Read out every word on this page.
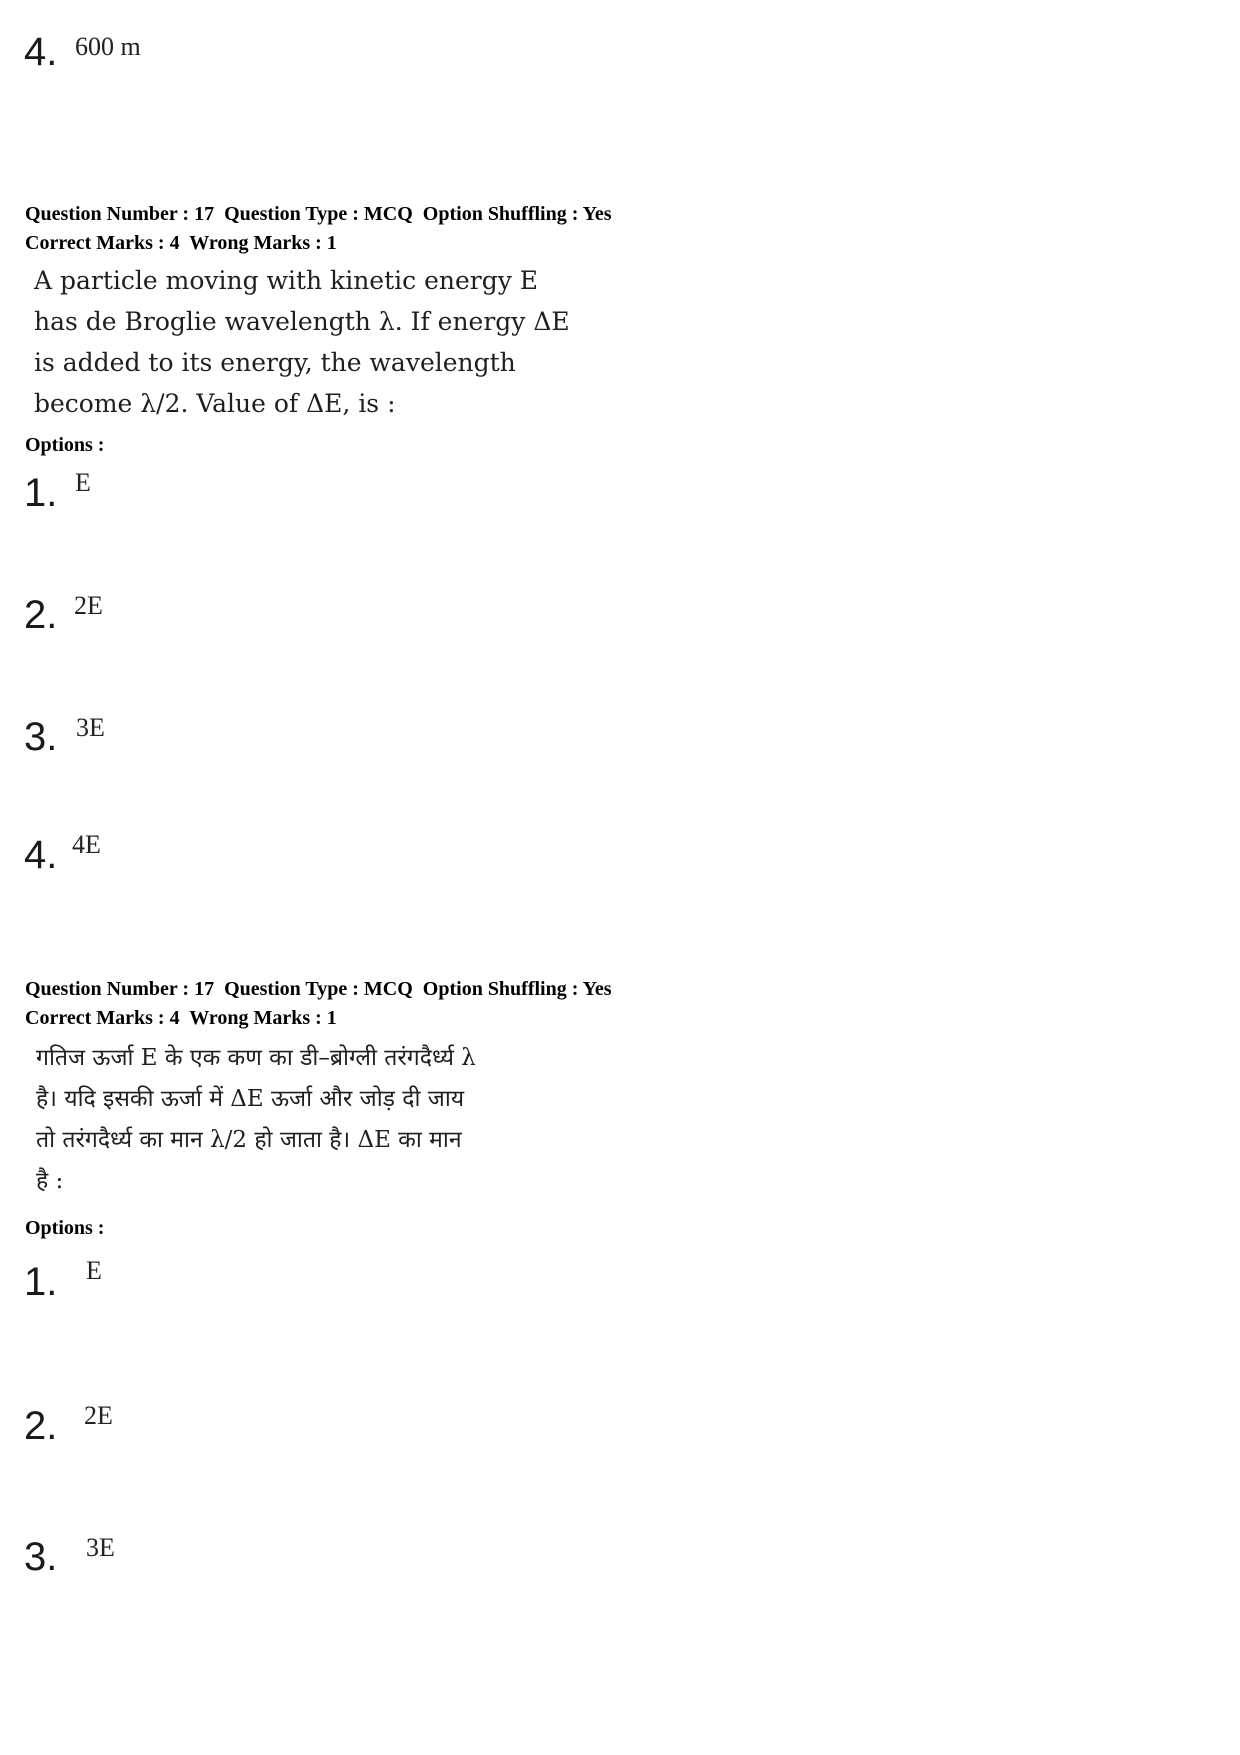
4. 600 m
Question Number : 17  Question Type : MCQ  Option Shuffling : Yes
Correct Marks : 4  Wrong Marks : 1
A particle moving with kinetic energy E
has de Broglie wavelength λ. If energy ΔE
is added to its energy, the wavelength
become λ/2. Value of ΔE, is :
Options :
1. E
2. 2E
3. 3E
4. 4E
Question Number : 17  Question Type : MCQ  Option Shuffling : Yes
Correct Marks : 4  Wrong Marks : 1
गतिज ऊर्जा E के एक कण का डी–ब्रोग्ली तरंगदैर्ध्य λ
है। यदि इसकी ऊर्जा में ΔE ऊर्जा और जोड़ दी जाय
तो तरंगदैर्ध्य का मान λ/2 हो जाता है। ΔE का मान
है :
Options :
1. E
2. 2E
3. 3E
